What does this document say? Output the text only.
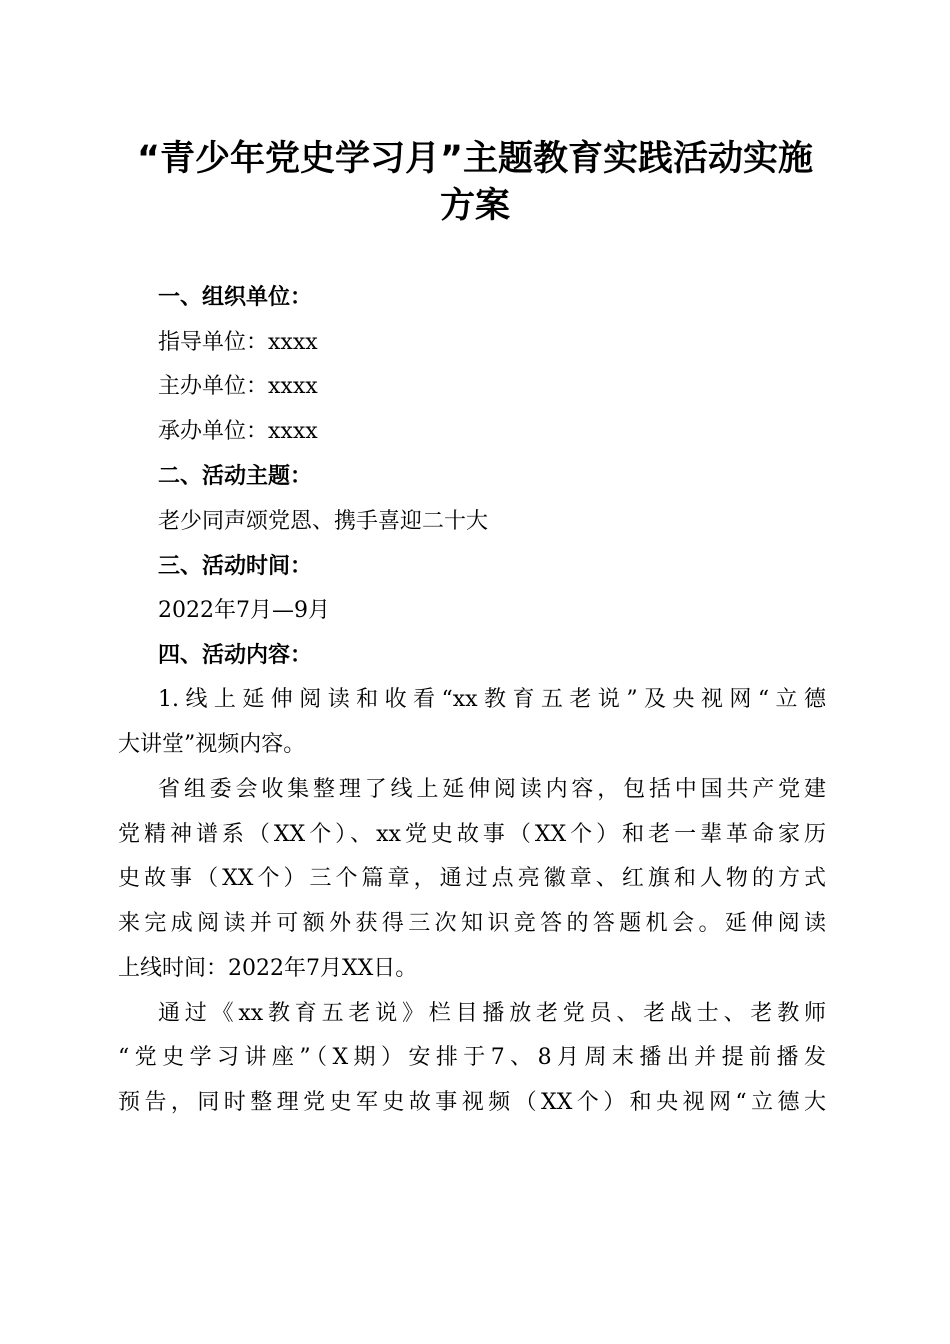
“青少年党史学习月”主题教育实践活动实施
方案
一、组织单位：
指导单位：xxxx
主办单位：xxxx
承办单位：xxxx
二、活动主题：
老少同声颂党恩、携手喜迎二十大
三、活动时间：
2022年7月—9月
四、活动内容：
1.线上延伸阅读和收看“xx教育五老说”及央视网“立德
大讲堂”视频内容。
省组委会收集整理了线上延伸阅读内容，包括中国共产党建
党精神谱系（XX个）、xx党史故事（XX个）和老一辈革命家历
史故事（XX个）三个篇章，通过点亮徽章、红旗和人物的方式
来完成阅读并可额外获得三次知识竞答的答题机会。延伸阅读
上线时间：2022年7月XX日。
通过《xx教育五老说》栏目播放老党员、老战士、老教师
“党史学习讲座”（X期）安排于7、8月周末播出并提前播发
预告，同时整理党史军史故事视频（XX个）和央视网“立德大
